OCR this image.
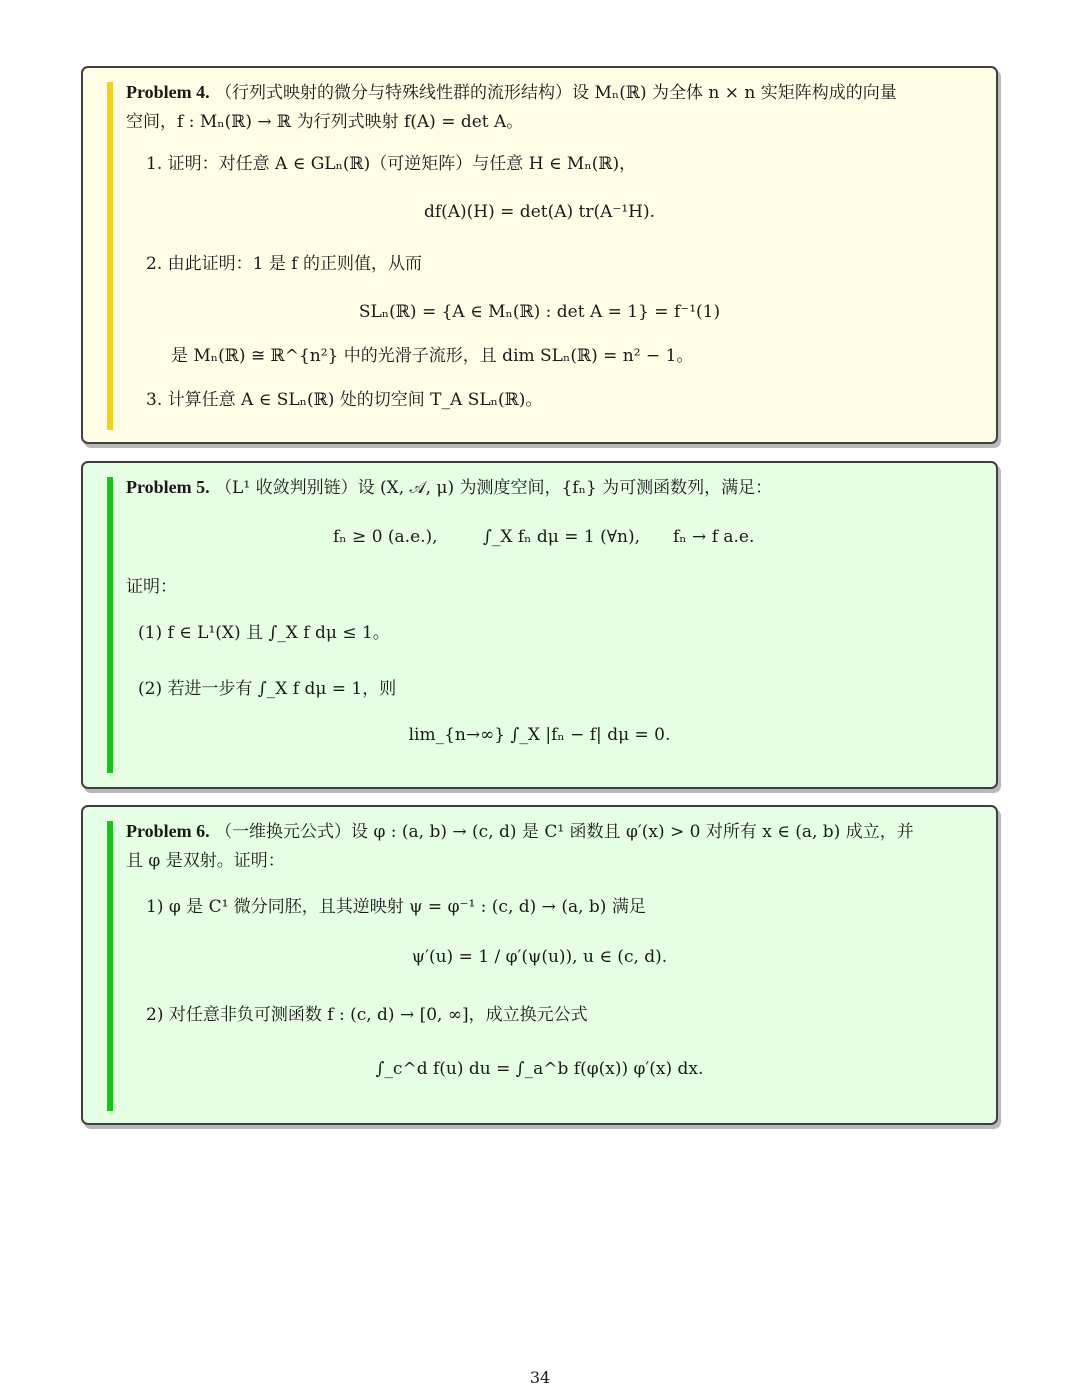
Problem 4. （行列式映射的微分与特殊线性群的流形结构）设 Mₙ(ℝ) 为全体 n × n 实矩阵构成的向量
空间，f : Mₙ(ℝ) → ℝ 为行列式映射 f(A) = det A。
1. 证明：对任意 A ∈ GLₙ(ℝ)（可逆矩阵）与任意 H ∈ Mₙ(ℝ)，
df(A)(H) = det(A) tr(A⁻¹H).
2. 由此证明：1 是 f 的正则值，从而
SLₙ(ℝ) = {A ∈ Mₙ(ℝ) : det A = 1} = f⁻¹(1)
是 Mₙ(ℝ) ≅ ℝ^{n²} 中的光滑子流形，且 dim SLₙ(ℝ) = n² − 1。
3. 计算任意 A ∈ SLₙ(ℝ) 处的切空间 T_A SLₙ(ℝ)。
Problem 5. （L¹ 收敛判别链）设 (X, 𝒜, μ) 为测度空间，{fₙ} 为可测函数列，满足：
fₙ ≥ 0 (a.e.),	∫_X fₙ dμ = 1 (∀n), fₙ → f a.e.
证明：
(1) f ∈ L¹(X) 且 ∫_X f dμ ≤ 1。
(2) 若进一步有 ∫_X f dμ = 1，则
lim_{n→∞} ∫_X |fₙ − f| dμ = 0.
Problem 6. （一维换元公式）设 φ : (a, b) → (c, d) 是 C¹ 函数且 φ′(x) > 0 对所有 x ∈ (a, b) 成立，并
且 φ 是双射。证明：
1) φ 是 C¹ 微分同胚，且其逆映射 ψ = φ⁻¹ : (c, d) → (a, b) 满足
ψ′(u) = 1 / φ′(ψ(u)), u ∈ (c, d).
2) 对任意非负可测函数 f : (c, d) → [0, ∞]，成立换元公式
∫_c^d f(u) du = ∫_a^b f(φ(x)) φ′(x) dx.
34
